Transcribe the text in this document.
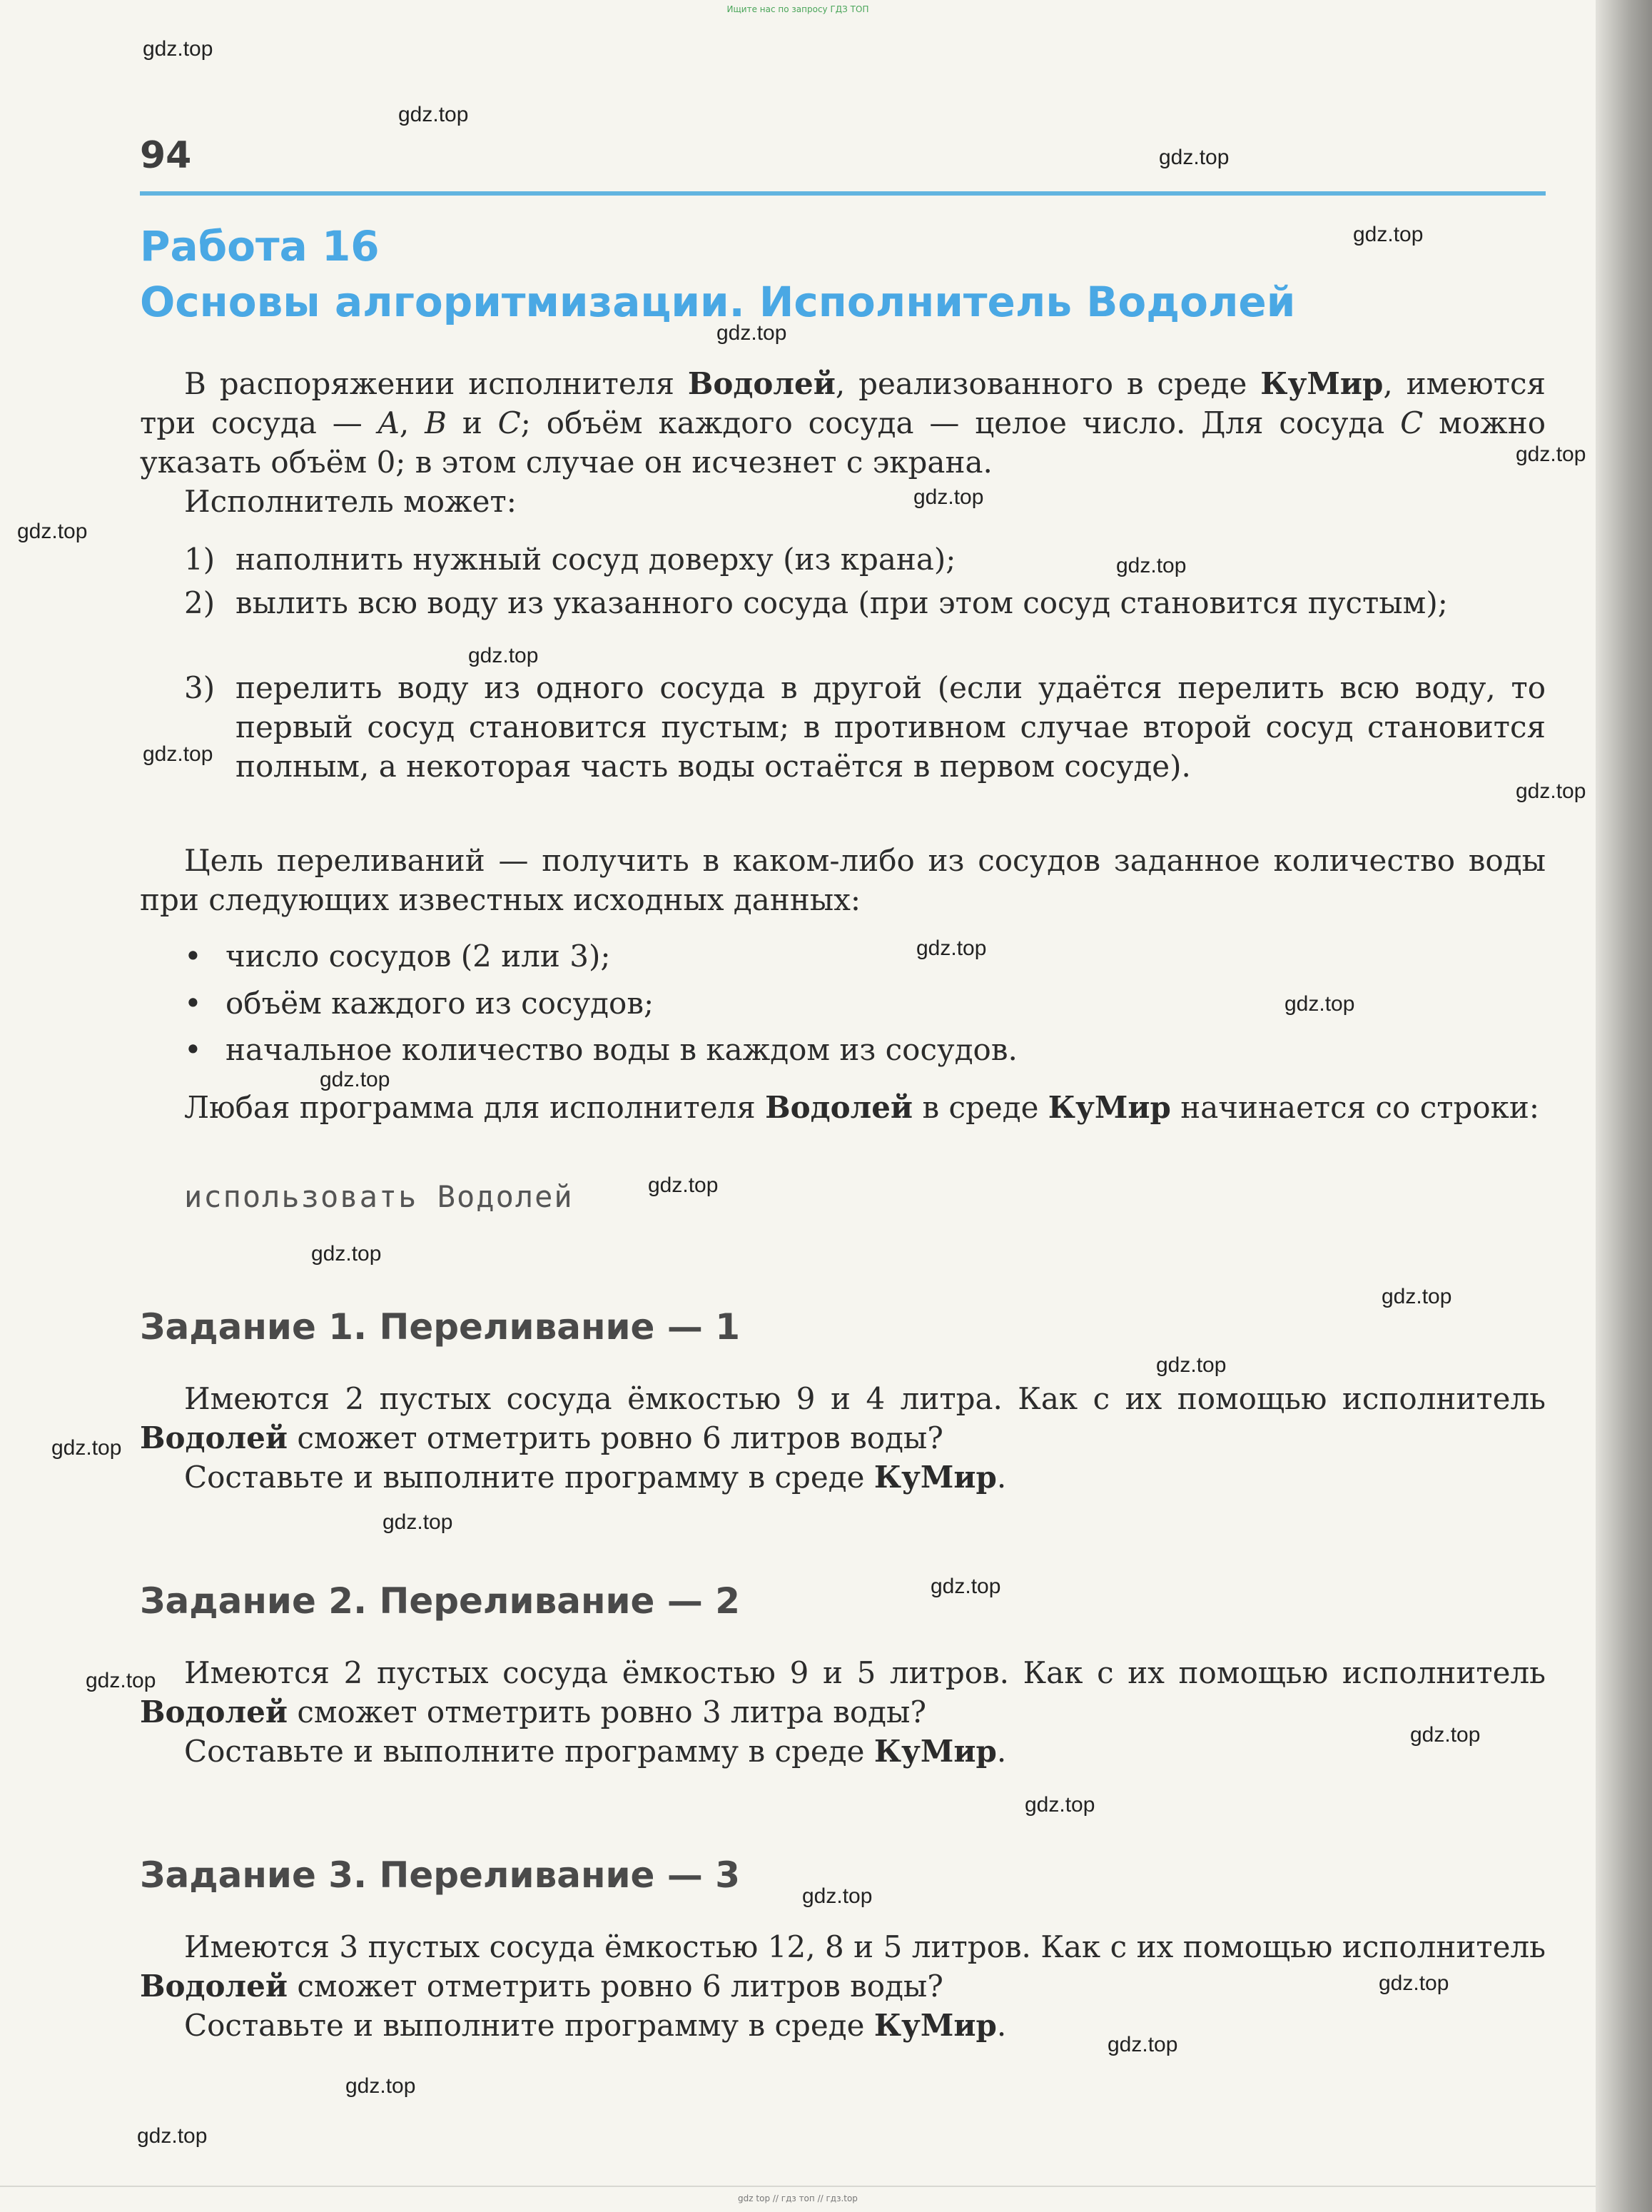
Ищите нас по запросу ГДЗ ТОП
94
Работа 16
Основы алгоритмизации. Исполнитель Водолей

В распоряжении исполнителя Водолей, реализованного в среде КуМир, имеются три сосуда — A, B и C; объём каждого сосуда — целое число. Для сосуда C можно указать объём 0; в этом случае он исчезнет с экрана.

Исполнитель может:

1) наполнить нужный сосуд доверху (из крана);
2) вылить всю воду из указанного сосуда (при этом сосуд становится пустым);
3) перелить воду из одного сосуда в другой (если удаётся перелить всю воду, то первый сосуд становится пустым; в противном случае второй сосуд становится полным, а некоторая часть воды остаётся в первом сосуде).

Цель переливаний — получить в каком-либо из сосудов заданное количество воды при следующих известных исходных данных:

• число сосудов (2 или 3);
• объём каждого из сосудов;
• начальное количество воды в каждом из сосудов.

Любая программа для исполнителя Водолей в среде КуМир начинается со строки:

использовать Водолей

Задание 1. Переливание — 1

Имеются 2 пустых сосуда ёмкостью 9 и 4 литра. Как с их помощью исполнитель Водолей сможет отметрить ровно 6 литров воды?

Составьте и выполните программу в среде КуМир.

Задание 2. Переливание — 2

Имеются 2 пустых сосуда ёмкостью 9 и 5 литров. Как с их помощью исполнитель Водолей сможет отметрить ровно 3 литра воды?

Составьте и выполните программу в среде КуМир.

Задание 3. Переливание — 3

Имеются 3 пустых сосуда ёмкостью 12, 8 и 5 литров. Как с их помощью исполнитель Водолей сможет отметрить ровно 6 литров воды?

Составьте и выполните программу в среде КуМир.

gdz.top
gdz.top
gdz.top
gdz.top
gdz.top
gdz.top
gdz.top
gdz.top
gdz.top
gdz.top
gdz.top
gdz.top
gdz.top
gdz.top
gdz.top
gdz.top
gdz.top
gdz.top
gdz.top
gdz.top
gdz.top
gdz.top
gdz.top
gdz.top
gdz.top
gdz.top
gdz.top
gdz.top
gdz.top
gdz.top
gdz top // гдз топ // гдз.top
